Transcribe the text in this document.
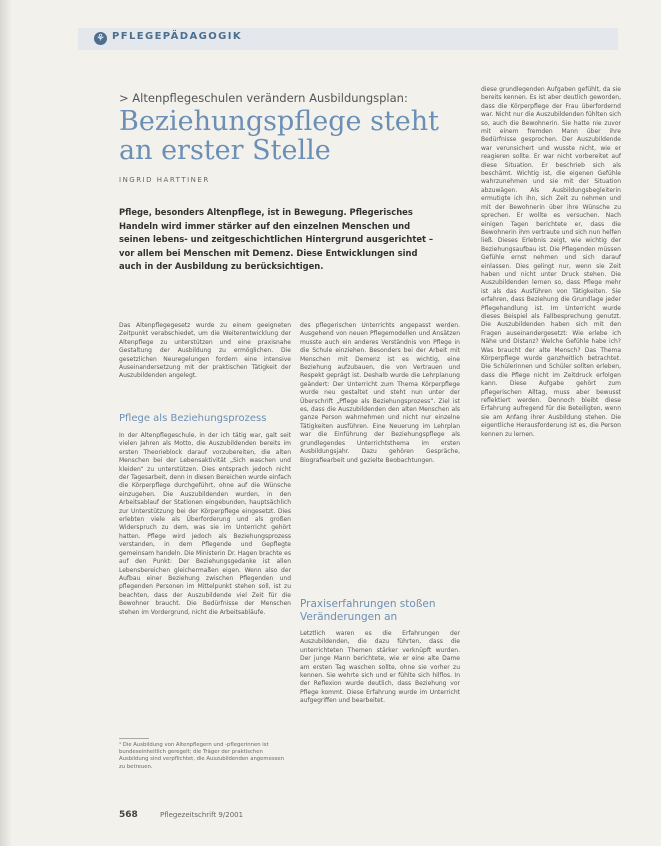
⚘ PFLEGEPÄDAGOGIK
> Altenpflegeschulen verändern Ausbildungsplan:
Beziehungspflege steht an erster Stelle
INGRID HARTTINER
Pflege, besonders Altenpflege, ist in Bewegung. Pflegerisches Handeln wird immer stärker auf den einzelnen Menschen und seinen lebens- und zeitgeschichtlichen Hintergrund ausgerichtet – vor allem bei Menschen mit Demenz. Diese Entwicklungen sind auch in der Ausbildung zu berücksichtigen.
Das Altenpflegegesetz wurde zu einem geeigneten Zeitpunkt verabschiedet, um die Weiterentwicklung der Altenpflege zu unterstützen und eine praxisnahe Gestaltung der Ausbildung zu ermöglichen. Die gesetzlichen Neuregelungen fordern eine intensive Auseinandersetzung mit der praktischen Tätigkeit der Auszubildenden angelegt.
Pflege als Beziehungsprozess
In der Altenpflegeschule, in der ich tätig war, galt seit vielen Jahren als Motto, die Auszubildenden bereits im ersten Theorieblock darauf vorzubereiten, die alten Menschen bei der Lebensaktivität „Sich waschen und kleiden“ zu unterstützen. Dies entsprach jedoch nicht der Tagesarbeit, denn in diesen Bereichen wurde einfach die Körperpflege durchgeführt, ohne auf die Wünsche einzugehen. Die Auszubildenden wurden, in den Arbeitsablauf der Stationen eingebunden, hauptsächlich zur Unterstützung bei der Körperpflege eingesetzt. Dies erlebten viele als Überforderung und als großen Widerspruch zu dem, was sie im Unterricht gehört hatten. Pflege wird jedoch als Beziehungsprozess verstanden, in dem Pflegende und Gepflegte gemeinsam handeln. Die Ministerin Dr. Hagen brachte es auf den Punkt: Der Beziehungsgedanke ist allen Lebensbereichen gleichermaßen eigen. Wenn also der Aufbau einer Beziehung zwischen Pflegenden und pflegenden Personen im Mittelpunkt stehen soll, ist zu beachten, dass der Auszubildende viel Zeit für die Bewohner braucht. Die Bedürfnisse der Menschen stehen im Vordergrund, nicht die Arbeitsabläufe.
¹ Die Ausbildung von Altenpflegern und -pflegerinnen ist bundeseinheitlich geregelt; die Träger der praktischen Ausbildung sind verpflichtet, die Auszubildenden angemessen zu betreuen.
des pflegerischen Unterrichts angepasst werden. Ausgehend von neuen Pflegemodellen und Ansätzen musste auch ein anderes Verständnis von Pflege in die Schule einziehen. Besonders bei der Arbeit mit Menschen mit Demenz ist es wichtig, eine Beziehung aufzubauen, die von Vertrauen und Respekt geprägt ist. Deshalb wurde die Lehrplanung geändert: Der Unterricht zum Thema Körperpflege wurde neu gestaltet und steht nun unter der Überschrift „Pflege als Beziehungsprozess“. Ziel ist es, dass die Auszubildenden den alten Menschen als ganze Person wahrnehmen und nicht nur einzelne Tätigkeiten ausführen. Eine Neuerung im Lehrplan war die Einführung der Beziehungspflege als grundlegendes Unterrichtsthema im ersten Ausbildungsjahr. Dazu gehören Gespräche, Biografiearbeit und gezielte Beobachtungen.
Praxiserfahrungen stoßen Veränderungen an
Letztlich waren es die Erfahrungen der Auszubildenden, die dazu führten, dass die unterrichteten Themen stärker verknüpft wurden. Der junge Mann berichtete, wie er eine alte Dame am ersten Tag waschen sollte, ohne sie vorher zu kennen. Sie wehrte sich und er fühlte sich hilflos. In der Reflexion wurde deutlich, dass Beziehung vor Pflege kommt. Diese Erfahrung wurde im Unterricht aufgegriffen und bearbeitet.
diese grundlegenden Aufgaben gefühlt, da sie bereits kennen. Es ist aber deutlich geworden, dass die Körperpflege der Frau überfordernd war. Nicht nur die Auszubildenden fühlten sich so, auch die Bewohnerin. Sie hatte nie zuvor mit einem fremden Mann über ihre Bedürfnisse gesprochen. Der Auszubildende war verunsichert und wusste nicht, wie er reagieren sollte. Er war nicht vorbereitet auf diese Situation. Er beschrieb sich als beschämt. Wichtig ist, die eigenen Gefühle wahrzunehmen und sie mit der Situation abzuwägen. Als Ausbildungsbegleiterin ermutigte ich ihn, sich Zeit zu nehmen und mit der Bewohnerin über ihre Wünsche zu sprechen. Er wollte es versuchen. Nach einigen Tagen berichtete er, dass die Bewohnerin ihm vertraute und sich nun helfen ließ. Dieses Erlebnis zeigt, wie wichtig der Beziehungsaufbau ist. Die Pflegenden müssen Gefühle ernst nehmen und sich darauf einlassen. Dies gelingt nur, wenn sie Zeit haben und nicht unter Druck stehen. Die Auszubildenden lernen so, dass Pflege mehr ist als das Ausführen von Tätigkeiten. Sie erfahren, dass Beziehung die Grundlage jeder Pflegehandlung ist. Im Unterricht wurde dieses Beispiel als Fallbesprechung genutzt. Die Auszubildenden haben sich mit den Fragen auseinandergesetzt: Wie erlebe ich Nähe und Distanz? Welche Gefühle habe ich? Was braucht der alte Mensch? Das Thema Körperpflege wurde ganzheitlich betrachtet. Die Schülerinnen und Schüler sollten erleben, dass die Pflege nicht im Zeitdruck erfolgen kann. Diese Aufgabe gehört zum pflegerischen Alltag, muss aber bewusst reflektiert werden. Dennoch bleibt diese Erfahrung aufregend für die Beteiligten, wenn sie am Anfang ihrer Ausbildung stehen. Die eigentliche Herausforderung ist es, die Person kennen zu lernen.
568	Pflegezeitschrift 9/2001
